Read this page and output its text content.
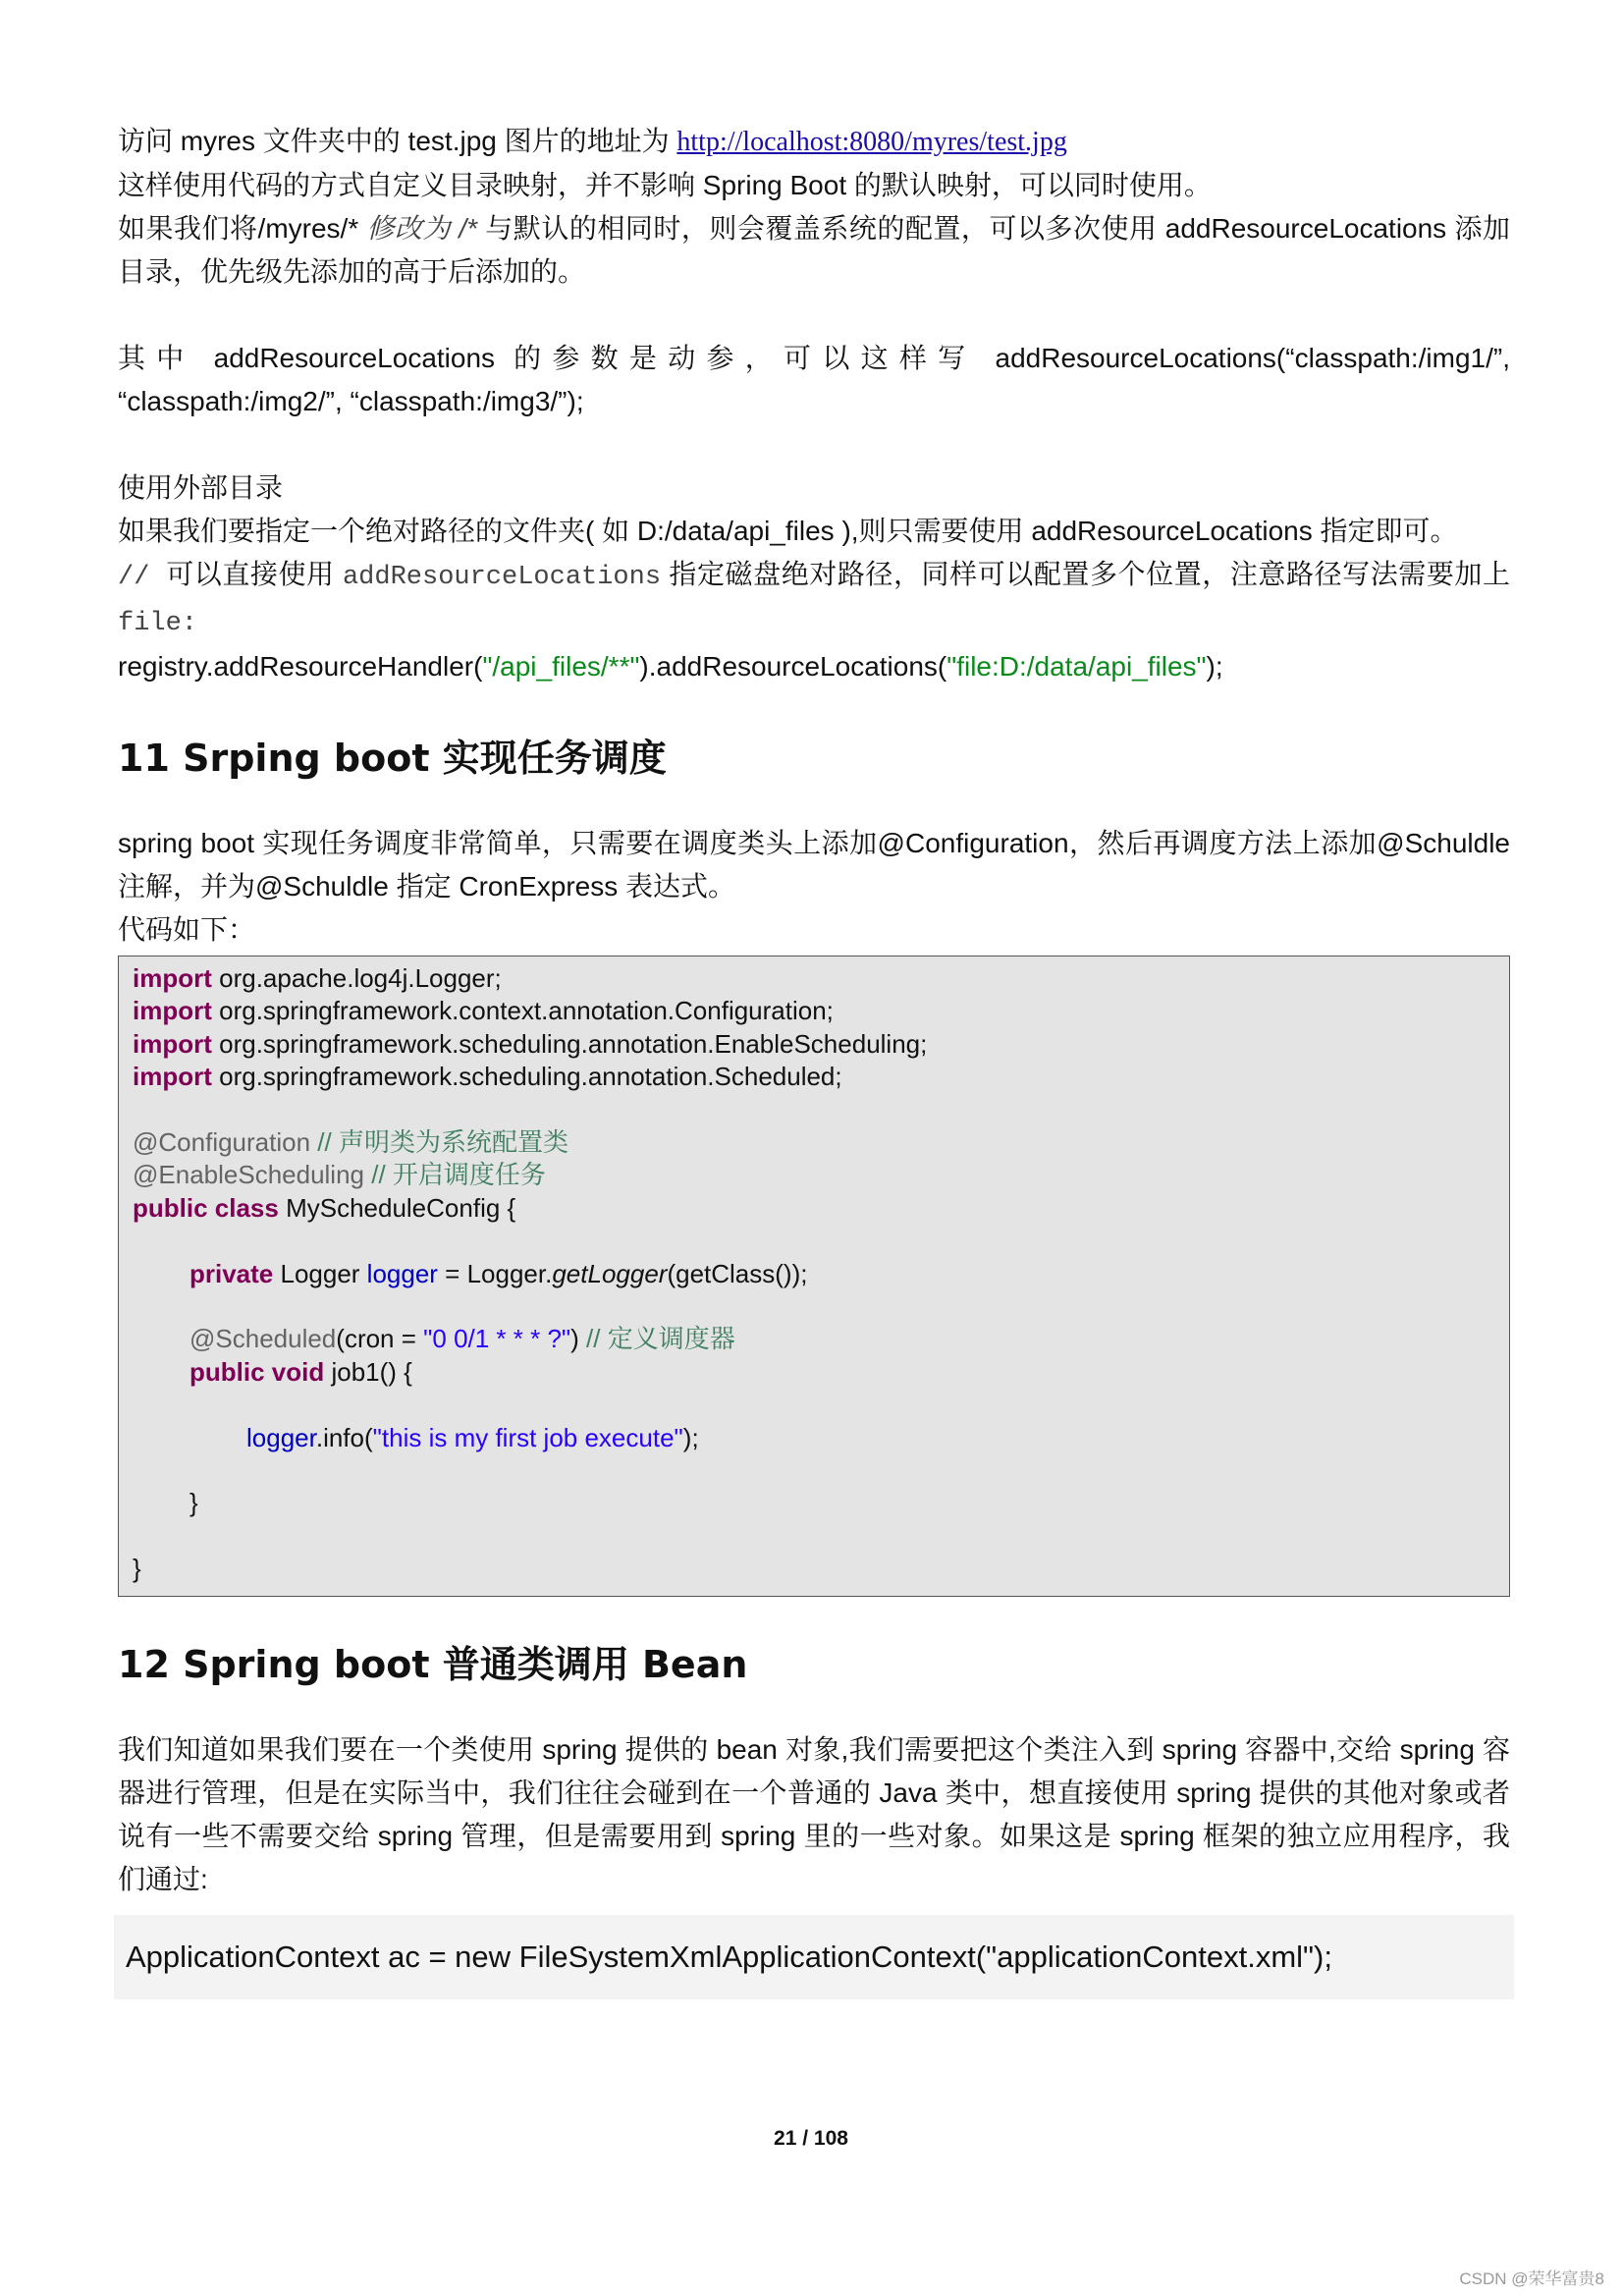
访问 myres 文件夹中的 test.jpg 图片的地址为 http://localhost:8080/myres/test.jpg

这样使用代码的方式自定义目录映射，并不影响 Spring Boot 的默认映射，可以同时使用。

如果我们将/myres/* 修改为 /* 与默认的相同时，则会覆盖系统的配置，可以多次使用 addResourceLocations 添加目录，优先级先添加的高于后添加的。

其中 addResourceLocations 的参数是动参，可以这样写 addResourceLocations(“classpath:/img1/”, “classpath:/img2/”, “classpath:/img3/”);

使用外部目录

如果我们要指定一个绝对路径的文件夹( 如 D:/data/api_files ),则只需要使用 addResourceLocations 指定即可。

// 可以直接使用 addResourceLocations 指定磁盘绝对路径，同样可以配置多个位置，注意路径写法需要加上 file:

registry.addResourceHandler("/api_files/**").addResourceLocations("file:D:/data/api_files");

11 Srping boot 实现任务调度

spring boot 实现任务调度非常简单，只需要在调度类头上添加@Configuration，然后再调度方法上添加@Schuldle 注解，并为@Schuldle 指定 CronExpress 表达式。

代码如下：

import org.apache.log4j.Logger;
import org.springframework.context.annotation.Configuration;
import org.springframework.scheduling.annotation.EnableScheduling;
import org.springframework.scheduling.annotation.Scheduled;
@Configuration // 声明类为系统配置类
@EnableScheduling // 开启调度任务
public class MyScheduleConfig {
private Logger logger = Logger.getLogger(getClass());
@Scheduled(cron = "0 0/1 * * * ?") // 定义调度器
public void job1() {
logger.info("this is my first job execute");
}
}
12 Spring boot 普通类调用 Bean

我们知道如果我们要在一个类使用 spring 提供的 bean 对象,我们需要把这个类注入到 spring 容器中,交给 spring 容器进行管理，但是在实际当中，我们往往会碰到在一个普通的 Java 类中，想直接使用 spring 提供的其他对象或者说有一些不需要交给 spring 管理，但是需要用到 spring 里的一些对象。如果这是 spring 框架的独立应用程序，我们通过:

ApplicationContext ac = new FileSystemXmlApplicationContext("applicationContext.xml");
21 / 108
CSDN @荣华富贵8
